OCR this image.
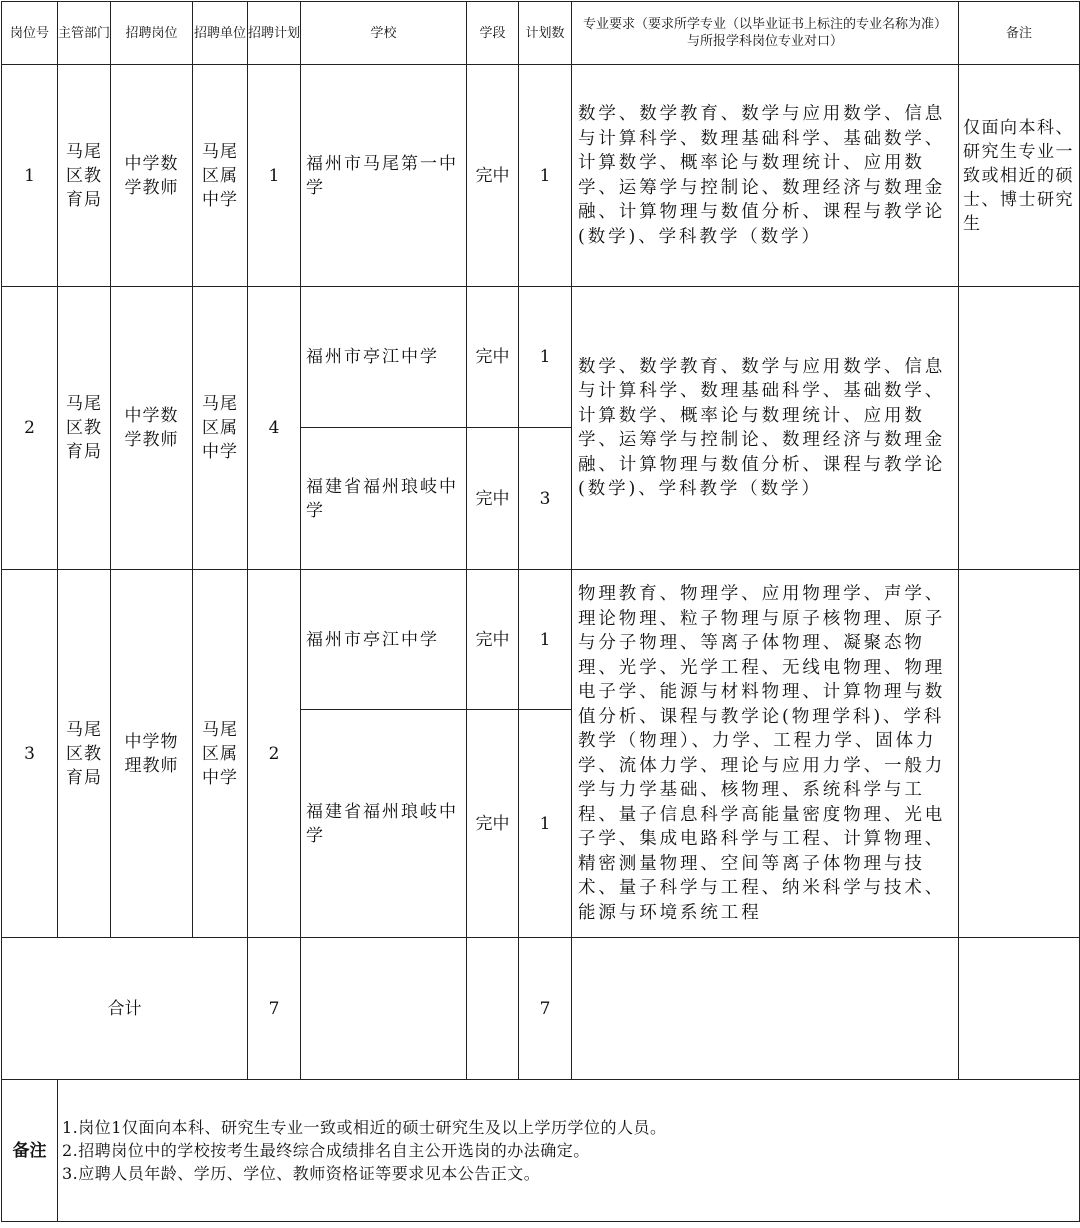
岗位号	主管部门	招聘岗位	招聘单位	招聘计划	学校	学段	计划数	专业要求（要求所学专业（以毕业证书上标注的专业名称为准）与所报学科岗位专业对口）	备注
1	马尾区教育局	中学数学教师	马尾区属中学	1	福州市马尾第一中学	完中	1	数学、数学教育、数学与应用数学、信息与计算科学、数理基础科学、基础数学、计算数学、概率论与数理统计、应用数学、运筹学与控制论、数理经济与数理金融、计算物理与数值分析、课程与教学论(数学)、学科教学（数学）	仅面向本科、研究生专业一致或相近的硕士、博士研究生
2	马尾区教育局	中学数学教师	马尾区属中学	4	福州市亭江中学	完中	1	数学、数学教育、数学与应用数学、信息与计算科学、数理基础科学、基础数学、计算数学、概率论与数理统计、应用数学、运筹学与控制论、数理经济与数理金融、计算物理与数值分析、课程与教学论(数学)、学科教学（数学）	
					福建省福州琅岐中学	完中	3		
3	马尾区教育局	中学物理教师	马尾区属中学	2	福州市亭江中学	完中	1	物理教育、物理学、应用物理学、声学、理论物理、粒子物理与原子核物理、原子与分子物理、等离子体物理、凝聚态物理、光学、光学工程、无线电物理、物理电子学、能源与材料物理、计算物理与数值分析、课程与教学论(物理学科)、学科教学（物理）、力学、工程力学、固体力学、流体力学、理论与应用力学、一般力学与力学基础、核物理、系统科学与工程、量子信息科学高能量密度物理、光电子学、集成电路科学与工程、计算物理、精密测量物理、空间等离子体物理与技术、量子科学与工程、纳米科学与技术、能源与环境系统工程	
					福建省福州琅岐中学	完中	1		
合计				7			7		
备注	1.岗位1仅面向本科、研究生专业一致或相近的硕士研究生及以上学历学位的人员。
2.招聘岗位中的学校按考生最终综合成绩排名自主公开选岗的办法确定。
3.应聘人员年龄、学历、学位、教师资格证等要求见本公告正文。								
